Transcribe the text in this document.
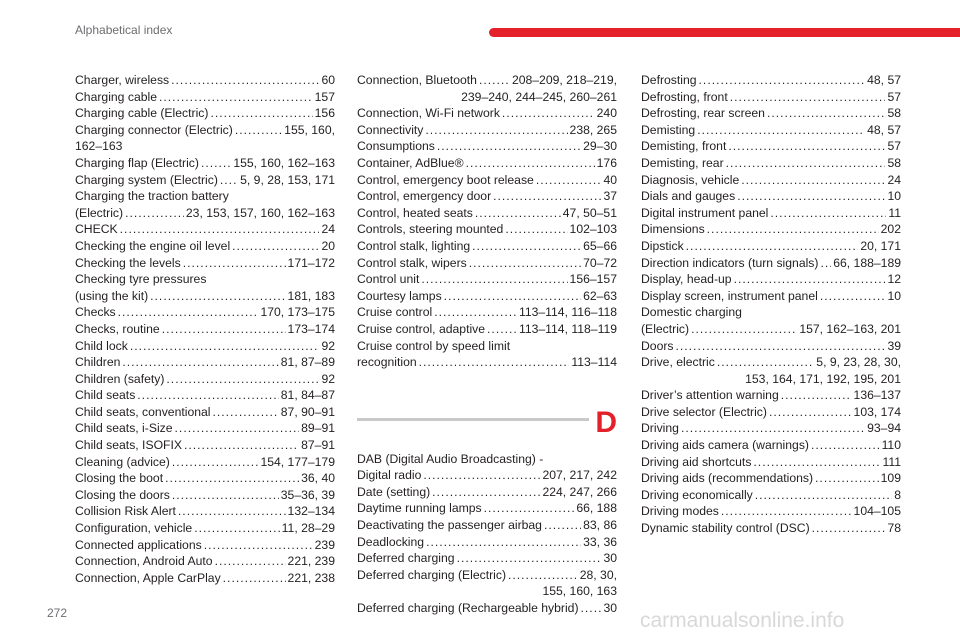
Alphabetical index
Charger, wireless .....	60
Charging cable .....	157
Charging cable (Electric) .....	156
Charging connector (Electric) .....	155, 160,
162–163
Charging flap (Electric) .....	155, 160, 162–163
Charging system (Electric) ..... 5, 9, 28, 153, 171
Charging the traction battery
(Electric) .....	23, 153, 157, 160, 162–163
CHECK .....	24
Checking the engine oil level .....	20
Checking the levels .....	171–172
Checking tyre pressures
(using the kit) .....	181, 183
Checks .....	170, 173–175
Checks, routine .....	173–174
Child lock .....	92
Children .....	81, 87–89
Children (safety) .....	92
Child seats .....	81, 84–87
Child seats, conventional .....	87, 90–91
Child seats, i-Size .....	89–91
Child seats, ISOFIX .....	87–91
Cleaning (advice) .....	154, 177–179
Closing the boot .....	36, 40
Closing the doors .....	35–36, 39
Collision Risk Alert .....	132–134
Configuration, vehicle .....	11, 28–29
Connected applications .....	239
Connection, Android Auto .....	221, 239
Connection, Apple CarPlay .....	221, 238
Connection, Bluetooth .....	208–209, 218–219,
239–240, 244–245, 260–261
Connection, Wi-Fi network .....	240
Connectivity .....	238, 265
Consumptions .....	29–30
Container, AdBlue® .....	176
Control, emergency boot release .....	40
Control, emergency door .....	37
Control, heated seats .....	47, 50–51
Controls, steering mounted .....	102–103
Control stalk, lighting .....	65–66
Control stalk, wipers .....	70–72
Control unit .....	156–157
Courtesy lamps .....	62–63
Cruise control .....	113–114, 116–118
Cruise control, adaptive .....	113–114, 118–119
Cruise control by speed limit
recognition .....	113–114
D
DAB (Digital Audio Broadcasting) -
Digital radio .....	207, 217, 242
Date (setting) .....	224, 247, 266
Daytime running lamps .....	66, 188
Deactivating the passenger airbag .....	83, 86
Deadlocking .....	33, 36
Deferred charging .....	30
Deferred charging (Electric) .....	28, 30,
155, 160, 163
Deferred charging (Rechargeable hybrid) ..... 30
Defrosting .....	48, 57
Defrosting, front .....	57
Defrosting, rear screen .....	58
Demisting .....	48, 57
Demisting, front .....	57
Demisting, rear .....	58
Diagnosis, vehicle .....	24
Dials and gauges .....	10
Digital instrument panel .....	11
Dimensions .....	202
Dipstick .....	20, 171
Direction indicators (turn signals) ..... 66, 188–189
Display, head-up .....	12
Display screen, instrument panel .....	10
Domestic charging
(Electric) .....	157, 162–163, 201
Doors .....	39
Drive, electric .....	5, 9, 23, 28, 30,
153, 164, 171, 192, 195, 201
Driver’s attention warning .....	136–137
Drive selector (Electric) .....	103, 174
Driving .....	93–94
Driving aids camera (warnings) .....	110
Driving aid shortcuts .....	111
Driving aids (recommendations) .....	109
Driving economically .....	8
Driving modes .....	104–105
Dynamic stability control (DSC) .....	78
272	carmanualsonline.info
